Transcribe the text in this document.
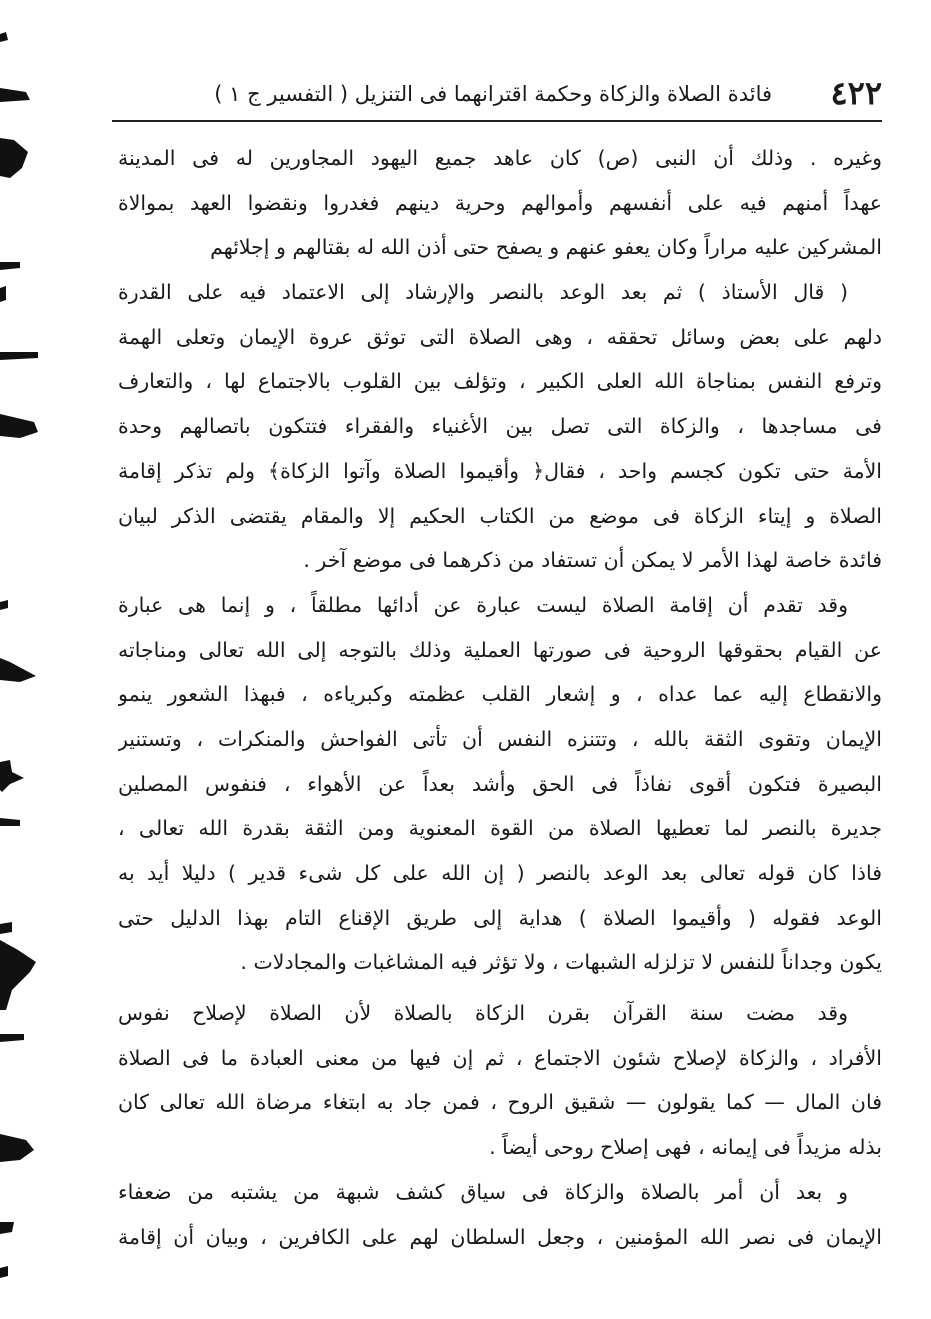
٤٢٢
فائدة الصلاة والزكاة وحكمة اقترانهما فى التنزيل ( التفسير ج ١ )
وغيره . وذلك أن النبى (ص) كان عاهد جميع اليهود المجاورين له فى المدينة
عهداً أمنهم فيه على أنفسهم وأموالهم وحرية دينهم فغدروا ونقضوا العهد بموالاة
المشركين عليه مراراً وكان يعفو عنهم و يصفح حتى أذن الله له بقتالهم و إجلائهم
( قال الأستاذ ) ثم بعد الوعد بالنصر والإرشاد إلى الاعتماد فيه على القدرة
دلهم على بعض وسائل تحققه ، وهى الصلاة التى توثق عروة الإيمان وتعلى الهمة
وترفع النفس بمناجاة الله العلى الكبير ، وتؤلف بين القلوب بالاجتماع لها ، والتعارف
فى مساجدها ، والزكاة التى تصل بين الأغنياء والفقراء فتتكون باتصالهم وحدة
الأمة حتى تكون كجسم واحد ، فقال﴿ وأقيموا الصلاة وآتوا الزكاة﴾ ولم تذكر إقامة
الصلاة و إيتاء الزكاة فى موضع من الكتاب الحكيم إلا والمقام يقتضى الذكر لبيان
فائدة خاصة لهذا الأمر لا يمكن أن تستفاد من ذكرهما فى موضع آخر .
وقد تقدم أن إقامة الصلاة ليست عبارة عن أدائها مطلقاً ، و إنما هى عبارة
عن القيام بحقوقها الروحية فى صورتها العملية وذلك بالتوجه إلى الله تعالى ومناجاته
والانقطاع إليه عما عداه ، و إشعار القلب عظمته وكبرياءه ، فبهذا الشعور ينمو
الإيمان وتقوى الثقة بالله ، وتتنزه النفس أن تأتى الفواحش والمنكرات ، وتستنير
البصيرة فتكون أقوى نفاذاً فى الحق وأشد بعداً عن الأهواء ، فنفوس المصلين
جديرة بالنصر لما تعطيها الصلاة من القوة المعنوية ومن الثقة بقدرة الله تعالى ،
فاذا كان قوله تعالى بعد الوعد بالنصر ( إن الله على كل شىء قدير ) دليلا أيد به
الوعد فقوله ( وأقيموا الصلاة ) هداية إلى طريق الإقناع التام بهذا الدليل حتى
يكون وجداناً للنفس لا تزلزله الشبهات ، ولا تؤثر فيه المشاغبات والمجادلات .
وقد مضت سنة القرآن بقرن الزكاة بالصلاة لأن الصلاة لإصلاح نفوس
الأفراد ، والزكاة لإصلاح شئون الاجتماع ، ثم إن فيها من معنى العبادة ما فى الصلاة
فان المال — كما يقولون — شقيق الروح ، فمن جاد به ابتغاء مرضاة الله تعالى كان
بذله مزيداً فى إيمانه ، فهى إصلاح روحى أيضاً .
و بعد أن أمر بالصلاة والزكاة فى سياق كشف شبهة من يشتبه من ضعفاء
الإيمان فى نصر الله المؤمنين ، وجعل السلطان لهم على الكافرين ، وبيان أن إقامة
